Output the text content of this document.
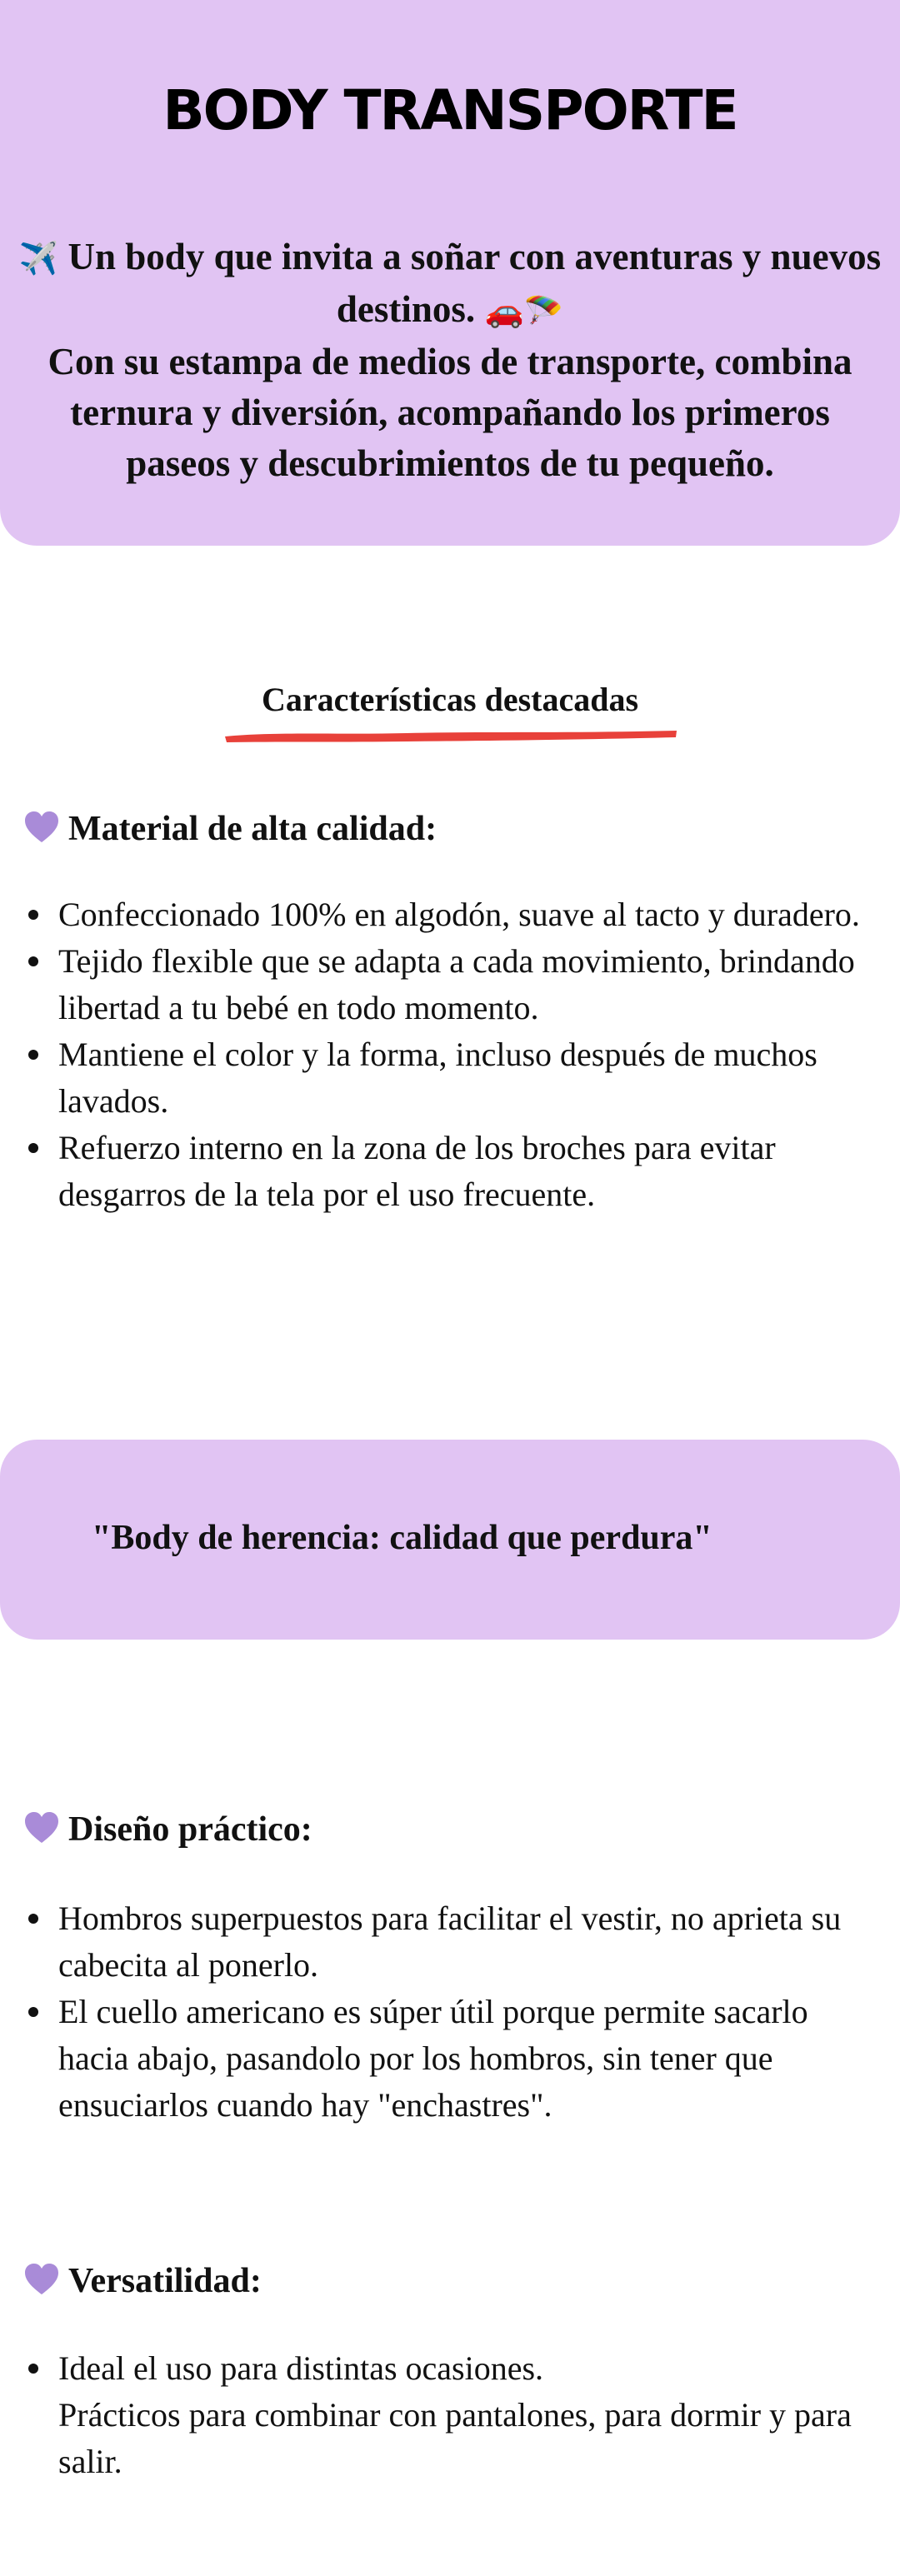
BODY TRANSPORTE

✈️ Un body que invita a soñar con aventuras y nuevos destinos. 🚗🪂
Con su estampa de medios de transporte, combina ternura y diversión, acompañando los primeros paseos y descubrimientos de tu pequeño.

Características destacadas
Material de alta calidad:
Confeccionado 100% en algodón, suave al tacto y duradero.
Tejido flexible que se adapta a cada movimiento, brindando libertad a tu bebé en todo momento.
Mantiene el color y la forma, incluso después de muchos lavados.
Refuerzo interno en la zona de los broches para evitar desgarros de la tela por el uso frecuente.
"Body de herencia: calidad que perdura"
Diseño práctico:
Hombros superpuestos para facilitar el vestir, no aprieta su cabecita al ponerlo.
El cuello americano es súper útil porque permite sacarlo hacia abajo, pasandolo por los hombros, sin tener que ensuciarlos cuando hay "enchastres".
Versatilidad:
Ideal el uso para distintas ocasiones.
Prácticos para combinar con pantalones, para dormir y para salir.
